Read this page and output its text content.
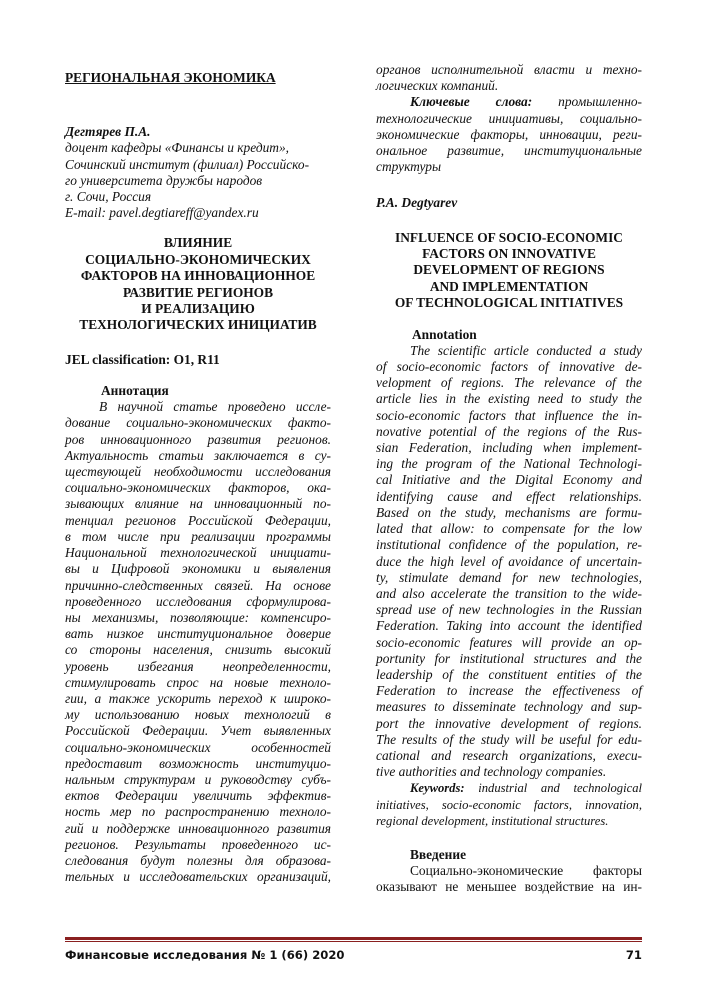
РЕГИОНАЛЬНАЯ ЭКОНОМИКА

Дегтярев П.А.

доцент кафедры «Финансы и кредит»,
Сочинский институт (филиал) Российско-
го университета дружбы народов
г. Сочи, Россия
E-mail: pavel.degtiareff@yandex.ru
ВЛИЯНИЕ
СОЦИАЛЬНО-ЭКОНОМИЧЕСКИХ
ФАКТОРОВ НА ИННОВАЦИОННОЕ
РАЗВИТИЕ РЕГИОНОВ
И РЕАЛИЗАЦИЮ
ТЕХНОЛОГИЧЕСКИХ ИНИЦИАТИВ

JEL classification: O1, R11

Аннотация

В научной статье проведено иссле-
дование социально-экономических факто-
ров инновационного развития регионов.
Актуальность статьи заключается в су-
ществующей необходимости исследования
социально-экономических факторов, ока-
зывающих влияние на инновационный по-
тенциал регионов Российской Федерации,
в том числе при реализации программы
Национальной технологической инициати-
вы и Цифровой экономики и выявления
причинно-следственных связей. На основе
проведенного исследования сформулирова-
ны механизмы, позволяющие: компенсиро-
вать низкое институциональное доверие
со стороны населения, снизить высокий
уровень избегания неопределенности,
стимулировать спрос на новые техноло-
гии, а также ускорить переход к широко-
му использованию новых технологий в
Российской Федерации. Учет выявленных
социально-экономических особенностей
предоставит возможность институцио-
нальным структурам и руководству субъ-
ектов Федерации увеличить эффектив-
ность мер по распространению техноло-
гий и поддержке инновационного развития
регионов. Результаты проведенного ис-
следования будут полезны для образова-
тельных и исследовательских организаций,
органов исполнительной власти и техно-
логических компаний.
Ключевые слова: промышленно-
технологические инициативы, социально-
экономические факторы, инновации, реги-
ональное развитие, институциональные
структуры

P.A. Degtyarev

INFLUENCE OF SOCIO-ECONOMIC
FACTORS ON INNOVATIVE
DEVELOPMENT OF REGIONS
AND IMPLEMENTATION
OF TECHNOLOGICAL INITIATIVES

Annotation

The scientific article conducted a study
of socio-economic factors of innovative de-
velopment of regions. The relevance of the
article lies in the existing need to study the
socio-economic factors that influence the in-
novative potential of the regions of the Rus-
sian Federation, including when implement-
ing the program of the National Technologi-
cal Initiative and the Digital Economy and
identifying cause and effect relationships.
Based on the study, mechanisms are formu-
lated that allow: to compensate for the low
institutional confidence of the population, re-
duce the high level of avoidance of uncertain-
ty, stimulate demand for new technologies,
and also accelerate the transition to the wide-
spread use of new technologies in the Russian
Federation. Taking into account the identified
socio-economic features will provide an op-
portunity for institutional structures and the
leadership of the constituent entities of the
Federation to increase the effectiveness of
measures to disseminate technology and sup-
port the innovative development of regions.
The results of the study will be useful for edu-
cational and research organizations, execu-
tive authorities and technology companies.
Keywords: industrial and technological
initiatives, socio-economic factors, innovation,
regional development, institutional structures.

Введение

Социально-экономические факторы
оказывают не меньшее воздействие на ин-
Финансовые исследования № 1 (66) 2020	71
